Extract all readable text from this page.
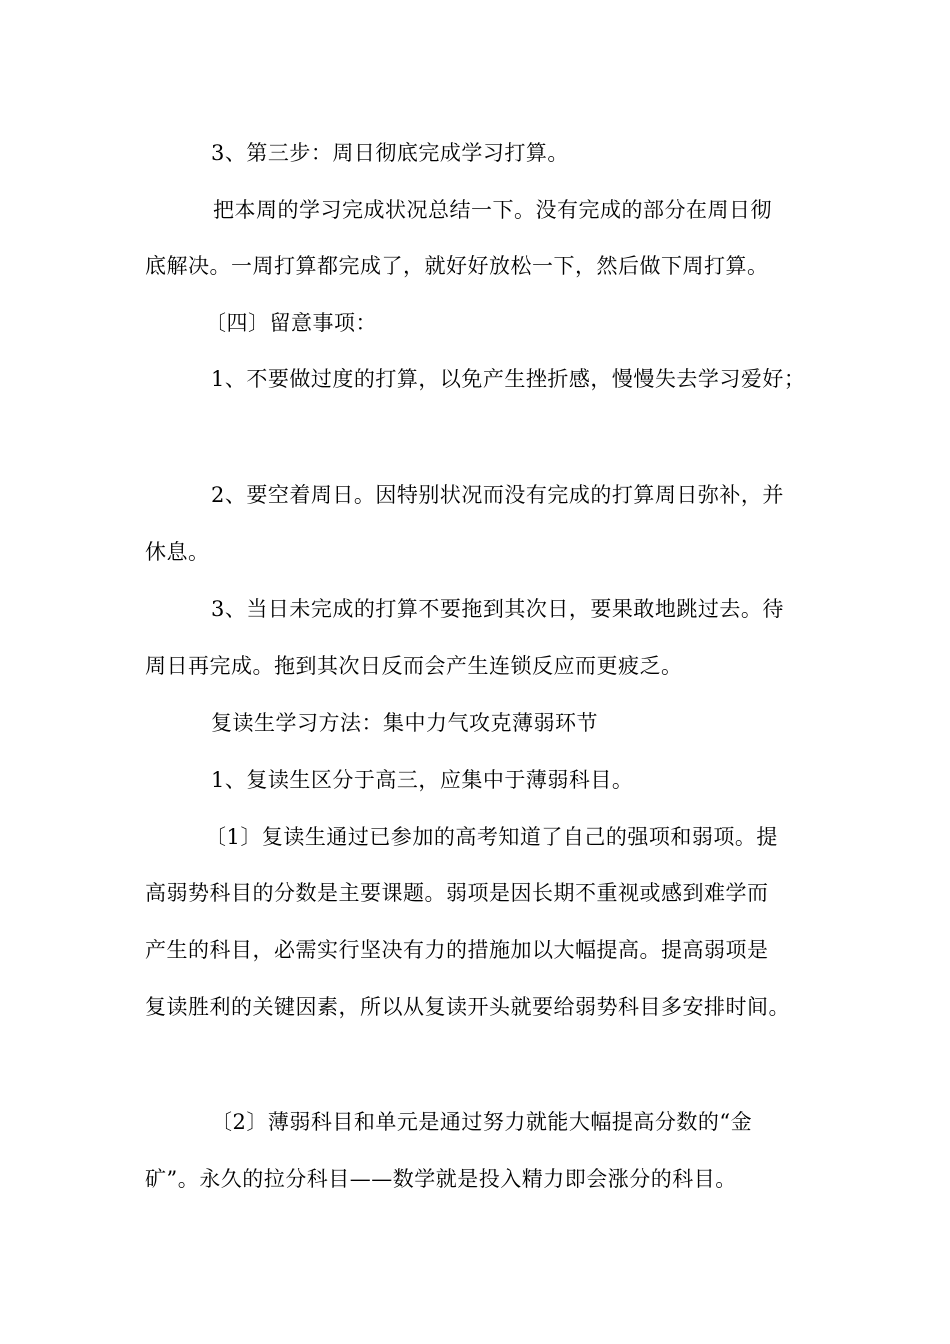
3、第三步：周日彻底完成学习打算。
把本周的学习完成状况总结一下。没有完成的部分在周日彻
底解决。一周打算都完成了，就好好放松一下，然后做下周打算。
〔四〕留意事项：
1、不要做过度的打算，以免产生挫折感，慢慢失去学习爱好；
2、要空着周日。因特别状况而没有完成的打算周日弥补，并
休息。
3、当日未完成的打算不要拖到其次日，要果敢地跳过去。待
周日再完成。拖到其次日反而会产生连锁反应而更疲乏。
复读生学习方法：集中力气攻克薄弱环节
1、复读生区分于高三，应集中于薄弱科目。
〔1〕复读生通过已参加的高考知道了自己的强项和弱项。提
高弱势科目的分数是主要课题。弱项是因长期不重视或感到难学而
产生的科目，必需实行坚决有力的措施加以大幅提高。提高弱项是
复读胜利的关键因素，所以从复读开头就要给弱势科目多安排时间。
〔2〕薄弱科目和单元是通过努力就能大幅提高分数的“金
矿”。永久的拉分科目——数学就是投入精力即会涨分的科目。
